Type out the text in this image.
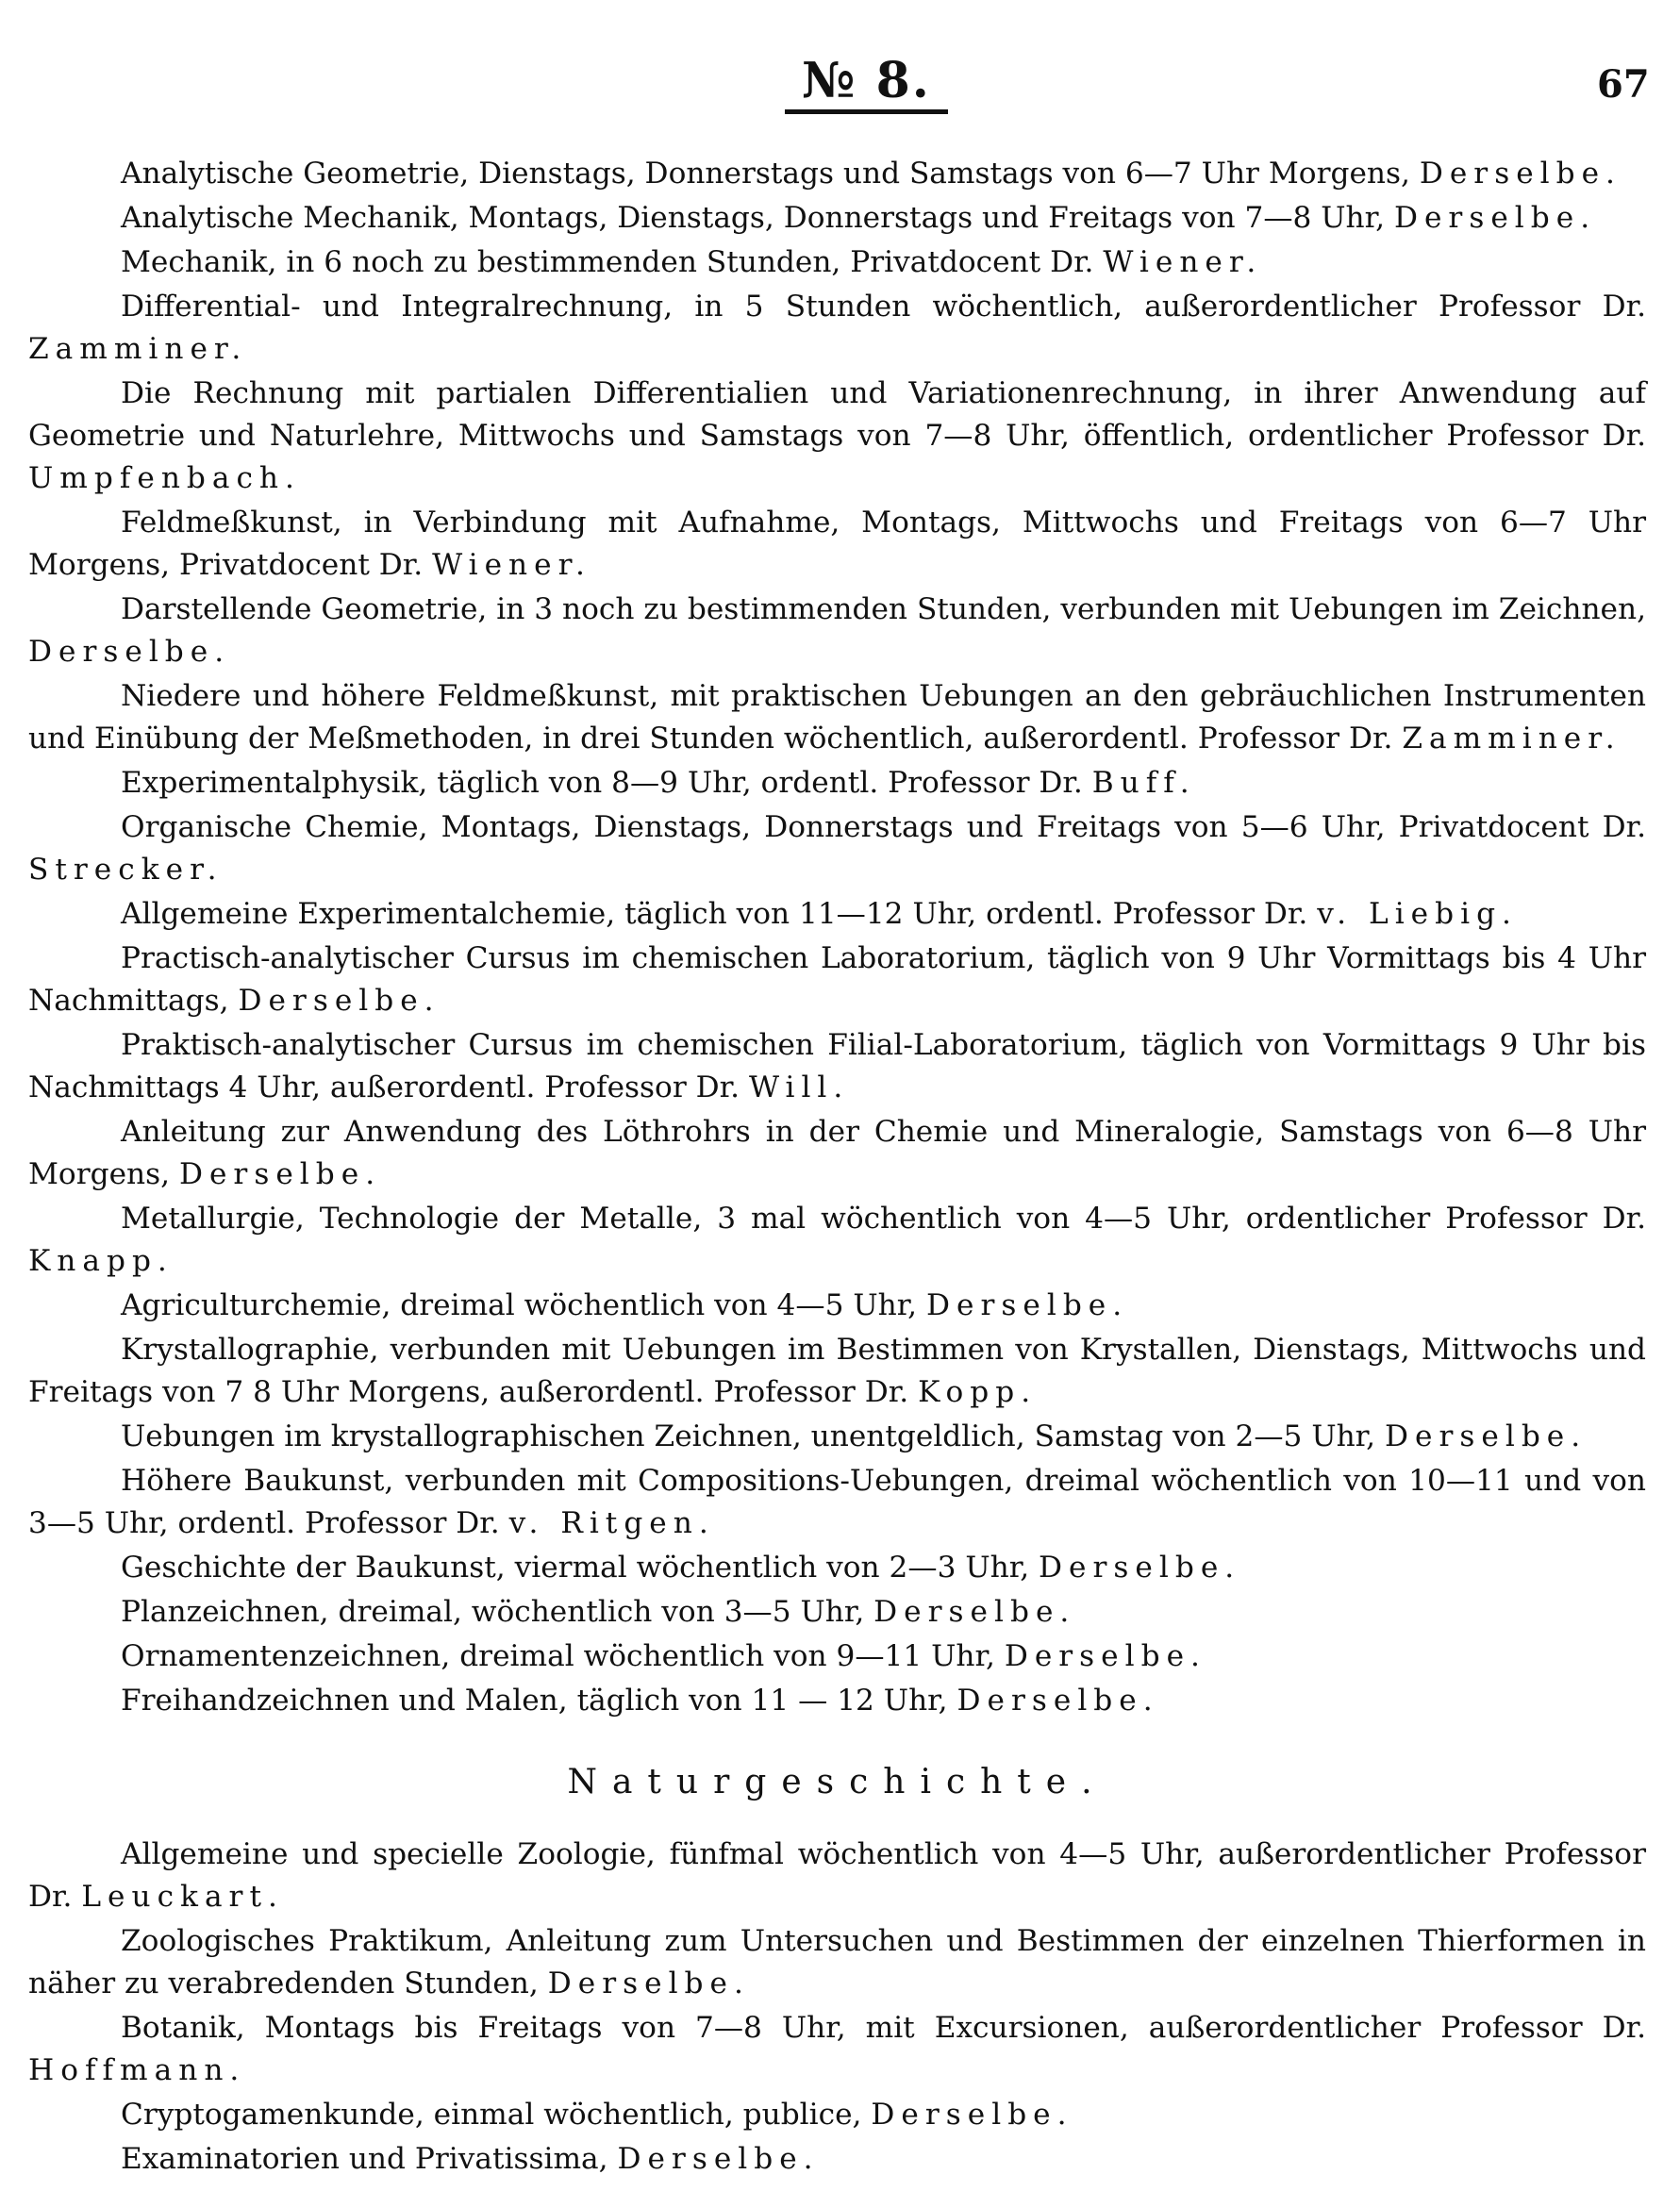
№ 8.	67

Analytische Geometrie, Dienstags, Donnerstags und Samstags von 6—7 Uhr Morgens, Derselbe.

Analytische Mechanik, Montags, Dienstags, Donnerstags und Freitags von 7—8 Uhr, Derselbe.

Mechanik, in 6 noch zu bestimmenden Stunden, Privatdocent Dr. Wiener.

Differential- und Integralrechnung, in 5 Stunden wöchentlich, außerordentlicher Professor Dr. Zamminer.

Die Rechnung mit partialen Differentialien und Variationenrechnung, in ihrer Anwendung auf Geometrie und Naturlehre, Mittwochs und Samstags von 7—8 Uhr, öffentlich, ordentlicher Professor Dr. Umpfenbach.

Feldmeßkunst, in Verbindung mit Aufnahme, Montags, Mittwochs und Freitags von 6—7 Uhr Morgens, Privatdocent Dr. Wiener.

Darstellende Geometrie, in 3 noch zu bestimmenden Stunden, verbunden mit Uebungen im Zeichnen, Derselbe.

Niedere und höhere Feldmeßkunst, mit praktischen Uebungen an den gebräuchlichen Instrumenten und Einübung der Meßmethoden, in drei Stunden wöchentlich, außerordentl. Professor Dr. Zamminer.

Experimentalphysik, täglich von 8—9 Uhr, ordentl. Professor Dr. Buff.

Organische Chemie, Montags, Dienstags, Donnerstags und Freitags von 5—6 Uhr, Privatdocent Dr. Strecker.

Allgemeine Experimentalchemie, täglich von 11—12 Uhr, ordentl. Professor Dr. v. Liebig.

Practisch-analytischer Cursus im chemischen Laboratorium, täglich von 9 Uhr Vormittags bis 4 Uhr Nachmittags, Derselbe.

Praktisch-analytischer Cursus im chemischen Filial-Laboratorium, täglich von Vormittags 9 Uhr bis Nachmittags 4 Uhr, außerordentl. Professor Dr. Will.

Anleitung zur Anwendung des Löthrohrs in der Chemie und Mineralogie, Samstags von 6—8 Uhr Morgens, Derselbe.

Metallurgie, Technologie der Metalle, 3 mal wöchentlich von 4—5 Uhr, ordentlicher Professor Dr. Knapp.

Agriculturchemie, dreimal wöchentlich von 4—5 Uhr, Derselbe.

Krystallographie, verbunden mit Uebungen im Bestimmen von Krystallen, Dienstags, Mittwochs und Freitags von 7 8 Uhr Morgens, außerordentl. Professor Dr. Kopp.

Uebungen im krystallographischen Zeichnen, unentgeldlich, Samstag von 2—5 Uhr, Derselbe.

Höhere Baukunst, verbunden mit Compositions-Uebungen, dreimal wöchentlich von 10—11 und von 3—5 Uhr, ordentl. Professor Dr. v. Ritgen.

Geschichte der Baukunst, viermal wöchentlich von 2—3 Uhr, Derselbe.

Planzeichnen, dreimal, wöchentlich von 3—5 Uhr, Derselbe.

Ornamentenzeichnen, dreimal wöchentlich von 9—11 Uhr, Derselbe.

Freihandzeichnen und Malen, täglich von 11 — 12 Uhr, Derselbe.

Naturgeschichte.

Allgemeine und specielle Zoologie, fünfmal wöchentlich von 4—5 Uhr, außerordentlicher Professor Dr. Leuckart.

Zoologisches Praktikum, Anleitung zum Untersuchen und Bestimmen der einzelnen Thierformen in näher zu verabredenden Stunden, Derselbe.

Botanik, Montags bis Freitags von 7—8 Uhr, mit Excursionen, außerordentlicher Professor Dr. Hoffmann.

Cryptogamenkunde, einmal wöchentlich, publice, Derselbe.

Examinatorien und Privatissima, Derselbe.
